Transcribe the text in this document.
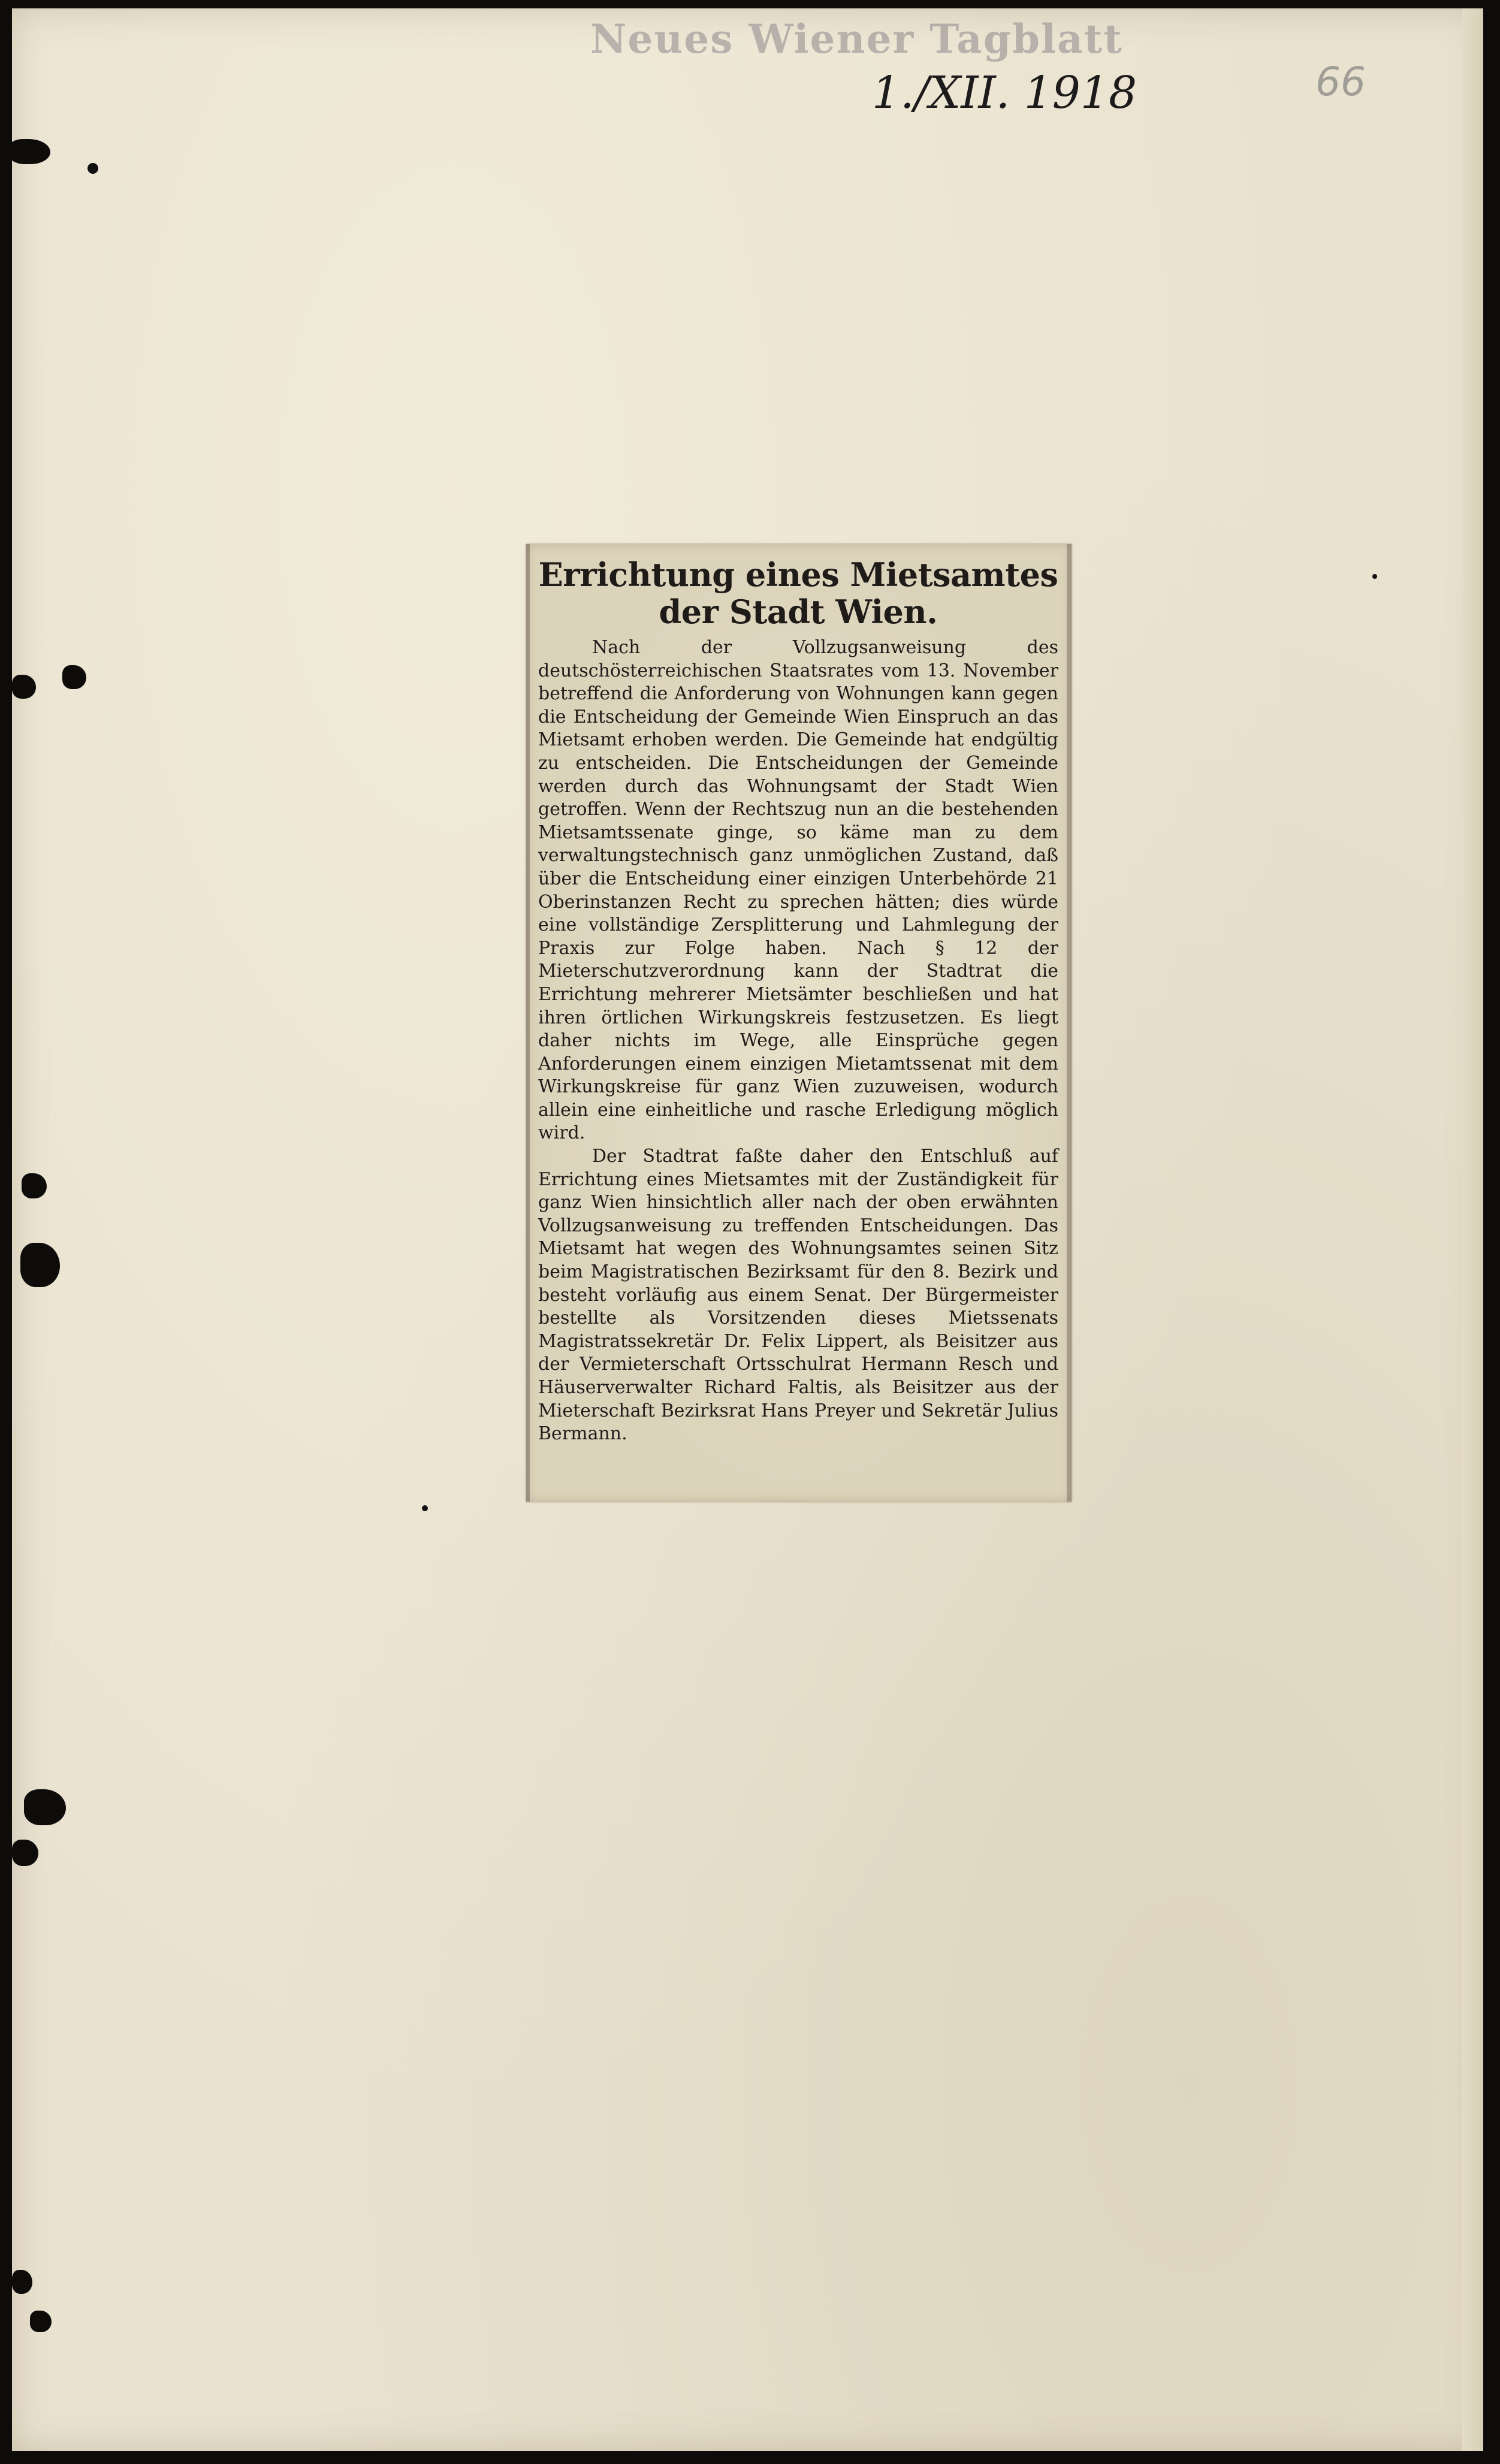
Neues Wiener Tagblatt
1./XII. 1918	66
Errichtung eines Mietsamtes der Stadt Wien.

Nach der Vollzugsanweisung des deutschösterreichischen Staatsrates vom 13. November betreffend die Anforderung von Wohnungen kann gegen die Entscheidung der Gemeinde Wien Einspruch an das Mietsamt erhoben werden. Die Gemeinde hat endgültig zu entscheiden. Die Entscheidungen der Gemeinde werden durch das Wohnungsamt der Stadt Wien getroffen. Wenn der Rechtszug nun an die bestehenden Mietsamtssenate ginge, so käme man zu dem verwaltungstechnisch ganz unmöglichen Zustand, daß über die Entscheidung einer einzigen Unterbehörde 21 Oberinstanzen Recht zu sprechen hätten; dies würde eine vollständige Zersplitterung und Lahmlegung der Praxis zur Folge haben. Nach § 12 der Mieterschutzverordnung kann der Stadtrat die Errichtung mehrerer Mietsämter beschließen und hat ihren örtlichen Wirkungskreis festzusetzen. Es liegt daher nichts im Wege, alle Einsprüche gegen Anforderungen einem einzigen Mietamtssenat mit dem Wirkungskreise für ganz Wien zuzuweisen, wodurch allein eine einheitliche und rasche Erledigung möglich wird.

Der Stadtrat faßte daher den Entschluß auf Errichtung eines Mietsamtes mit der Zuständigkeit für ganz Wien hinsichtlich aller nach der oben erwähnten Vollzugsanweisung zu treffenden Entscheidungen. Das Mietsamt hat wegen des Wohnungsamtes seinen Sitz beim Magistratischen Bezirksamt für den 8. Bezirk und besteht vorläufig aus einem Senat. Der Bürgermeister bestellte als Vorsitzenden dieses Mietssenats Magistratssekretär Dr. Felix Lippert, als Beisitzer aus der Vermieterschaft Ortsschulrat Hermann Resch und Häuserverwalter Richard Faltis, als Beisitzer aus der Mieterschaft Bezirksrat Hans Preyer und Sekretär Julius Bermann.
